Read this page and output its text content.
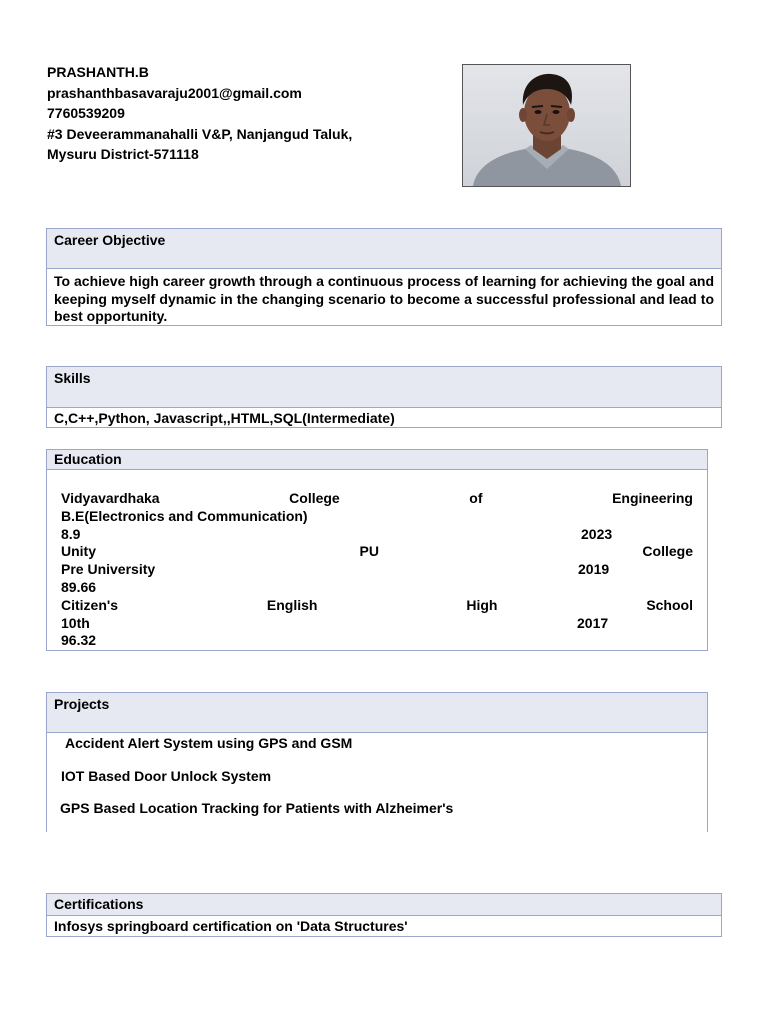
PRASHANTH.B
prashanthbasavaraju2001@gmail.com
7760539209
#3 Deveerammanahalli V&P, Nanjangud Taluk,
Mysuru District-571118
Career Objective
To achieve high career growth through a continuous process of learning for achieving the goal and keeping myself dynamic in the changing scenario to become a successful professional and lead to best opportunity.
Skills
C,C++,Python, Javascript,,HTML,SQL(Intermediate)
Education
Vidyavardhaka	College	of	Engineering
B.E(Electronics and Communication)
8.9	2023
Unity	PU	College
Pre University	2019
89.66
Citizen's	English	High	School
10th	2017
96.32
Projects
Accident Alert System using GPS and GSM
IOT Based Door Unlock System
GPS Based Location Tracking for Patients with Alzheimer's
Certifications
Infosys springboard certification on 'Data Structures'
